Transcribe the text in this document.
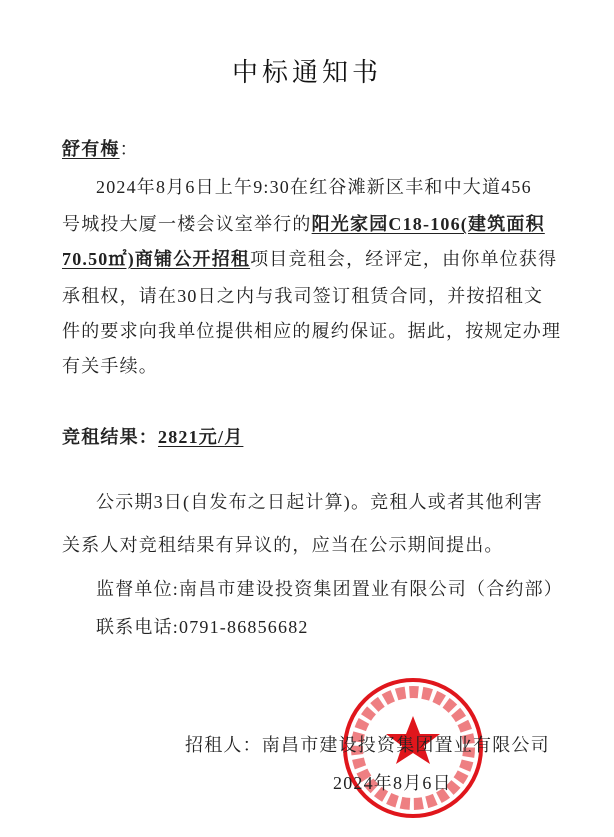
中标通知书
舒有梅：
2024年8月6日上午9:30在红谷滩新区丰和中大道456
号城投大厦一楼会议室举行的阳光家园C18-106(建筑面积
70.50㎡)商铺公开招租项目竞租会，经评定，由你单位获得
承租权，请在30日之内与我司签订租赁合同，并按招租文
件的要求向我单位提供相应的履约保证。据此，按规定办理
有关手续。
竞租结果：2821元/月
公示期3日(自发布之日起计算)。竞租人或者其他利害
关系人对竞租结果有异议的，应当在公示期间提出。
监督单位:南昌市建设投资集团置业有限公司（合约部）
联系电话:0791-86856682
招租人：南昌市建设投资集团置业有限公司
2024年8月6日
